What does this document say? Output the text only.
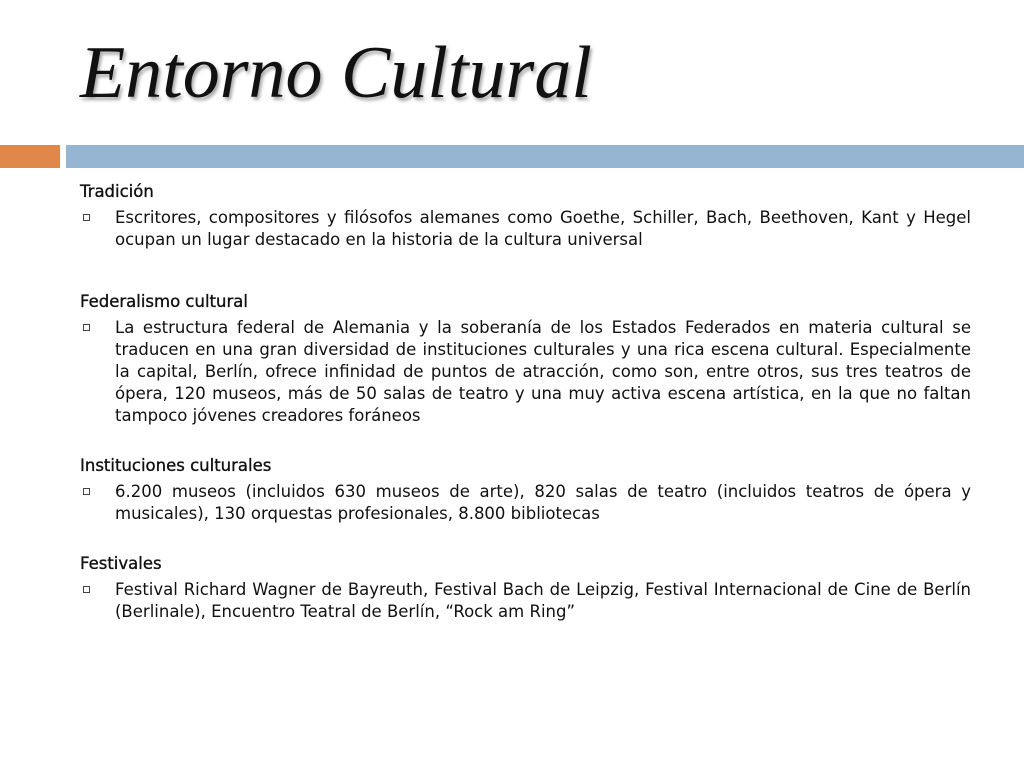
Entorno Cultural
Tradición
Escritores, compositores y filósofos alemanes como Goethe, Schiller, Bach, Beethoven, Kant y Hegel ocupan un lugar destacado en la historia de la cultura universal
Federalismo cultural
La estructura federal de Alemania y la soberanía de los Estados Federados en materia cultural se traducen en una gran diversidad de instituciones culturales y una rica escena cultural. Especialmente la capital, Berlín, ofrece infinidad de puntos de atracción, como son, entre otros, sus tres teatros de ópera, 120 museos, más de 50 salas de teatro y una muy activa escena artística, en la que no faltan tampoco jóvenes creadores foráneos
Instituciones culturales
6.200 museos (incluidos 630 museos de arte), 820 salas de teatro (incluidos teatros de ópera y musicales), 130 orquestas profesionales, 8.800 bibliotecas
Festivales
Festival Richard Wagner de Bayreuth, Festival Bach de Leipzig, Festival Internacional de Cine de Berlín (Berlinale), Encuentro Teatral de Berlín, “Rock am Ring”
